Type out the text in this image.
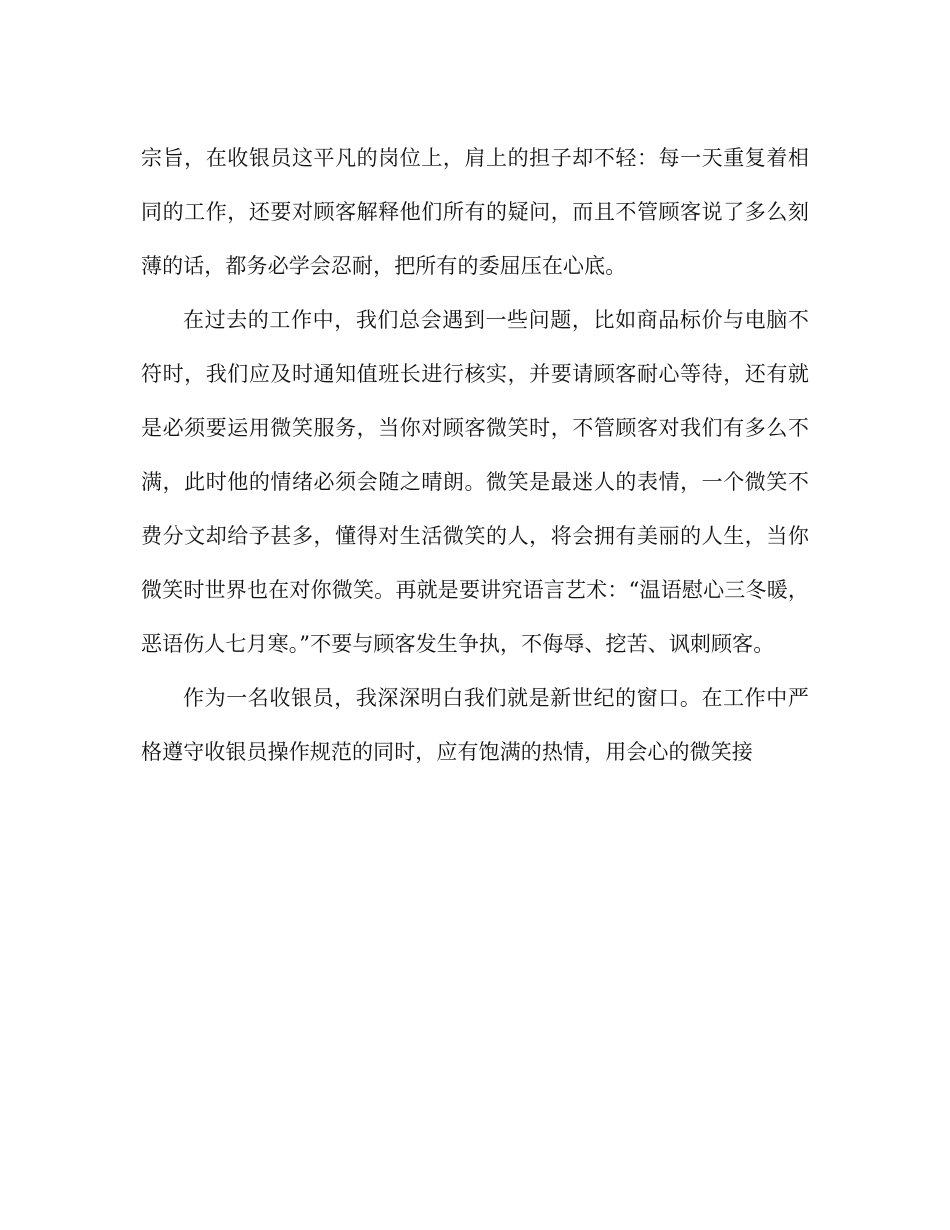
宗旨，在收银员这平凡的岗位上，肩上的担子却不轻：每一天重复着相同的工作，还要对顾客解释他们所有的疑问，而且不管顾客说了多么刻薄的话，都务必学会忍耐，把所有的委屈压在心底。

在过去的工作中，我们总会遇到一些问题，比如商品标价与电脑不符时，我们应及时通知值班长进行核实，并要请顾客耐心等待，还有就是必须要运用微笑服务，当你对顾客微笑时，不管顾客对我们有多么不满，此时他的情绪必须会随之晴朗。微笑是最迷人的表情，一个微笑不费分文却给予甚多，懂得对生活微笑的人，将会拥有美丽的人生，当你微笑时世界也在对你微笑。再就是要讲究语言艺术：“温语慰心三冬暖，恶语伤人七月寒。”不要与顾客发生争执，不侮辱、挖苦、讽刺顾客。

作为一名收银员，我深深明白我们就是新世纪的窗口。在工作中严格遵守收银员操作规范的同时，应有饱满的热情，用会心的微笑接
